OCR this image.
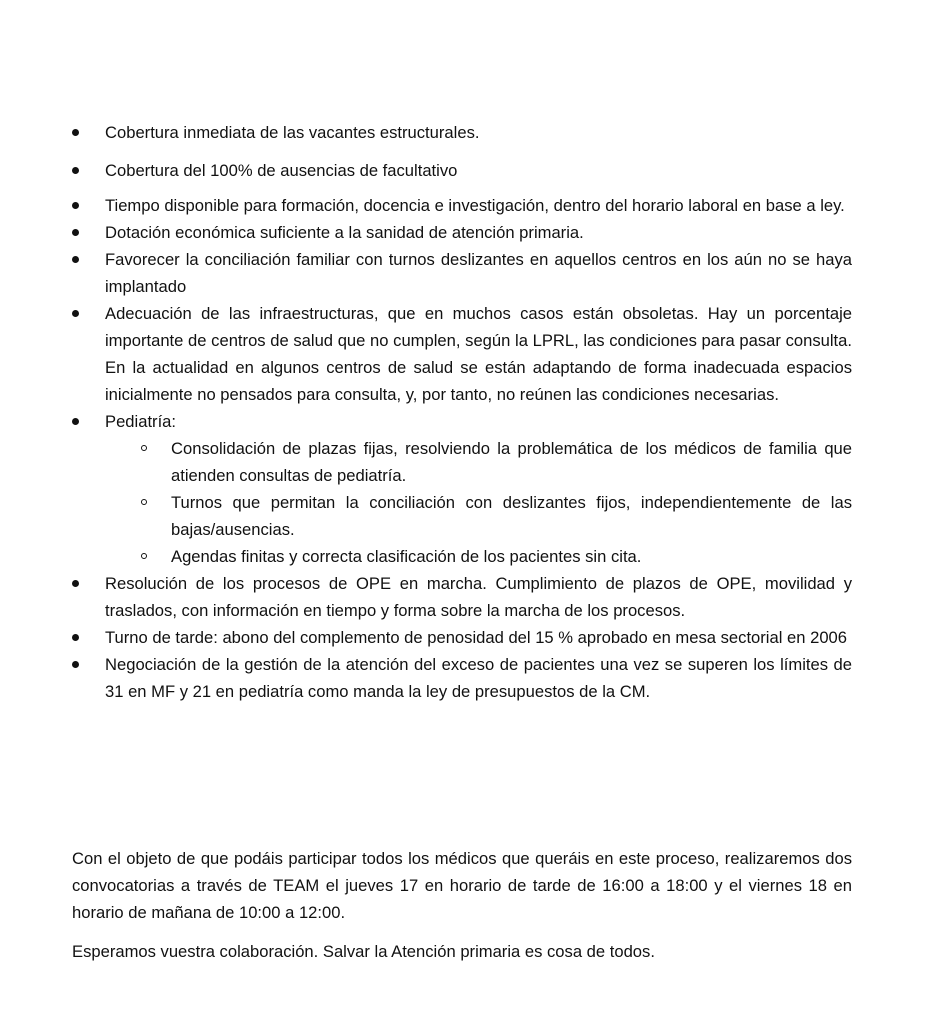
Cobertura inmediata de las vacantes estructurales.
Cobertura del 100% de ausencias de facultativo
Tiempo disponible para formación, docencia e investigación, dentro del horario laboral en base a ley.
Dotación económica suficiente a la sanidad de atención primaria.
Favorecer la conciliación familiar con turnos deslizantes en aquellos centros en los aún no se haya implantado
Adecuación de las infraestructuras, que en muchos casos están obsoletas. Hay un porcentaje importante de centros de salud que no cumplen, según la LPRL, las condiciones para pasar consulta. En la actualidad en algunos centros de salud se están adaptando de forma inadecuada espacios inicialmente no pensados para consulta, y, por tanto, no reúnen las condiciones necesarias.
Pediatría:
Consolidación de plazas fijas, resolviendo la problemática de los médicos de familia que atienden consultas de pediatría.
Turnos que permitan la conciliación con deslizantes fijos, independientemente de las bajas/ausencias.
Agendas finitas y correcta clasificación de los pacientes sin cita.
Resolución de los procesos de OPE en marcha. Cumplimiento de plazos de OPE, movilidad y traslados, con información en tiempo y forma sobre la marcha de los procesos.
Turno de tarde: abono del complemento de penosidad del 15 % aprobado en mesa sectorial en 2006
Negociación de la gestión de la atención del exceso de pacientes una vez se superen los límites de 31 en MF y 21 en pediatría como manda la ley de presupuestos de la CM.

Con el objeto de que podáis participar todos los médicos que queráis en este proceso, realizaremos dos convocatorias a través de TEAM el jueves 17 en horario de tarde de 16:00 a 18:00 y el viernes 18 en horario de mañana de 10:00 a 12:00.

Esperamos vuestra colaboración. Salvar la Atención primaria es cosa de todos.
